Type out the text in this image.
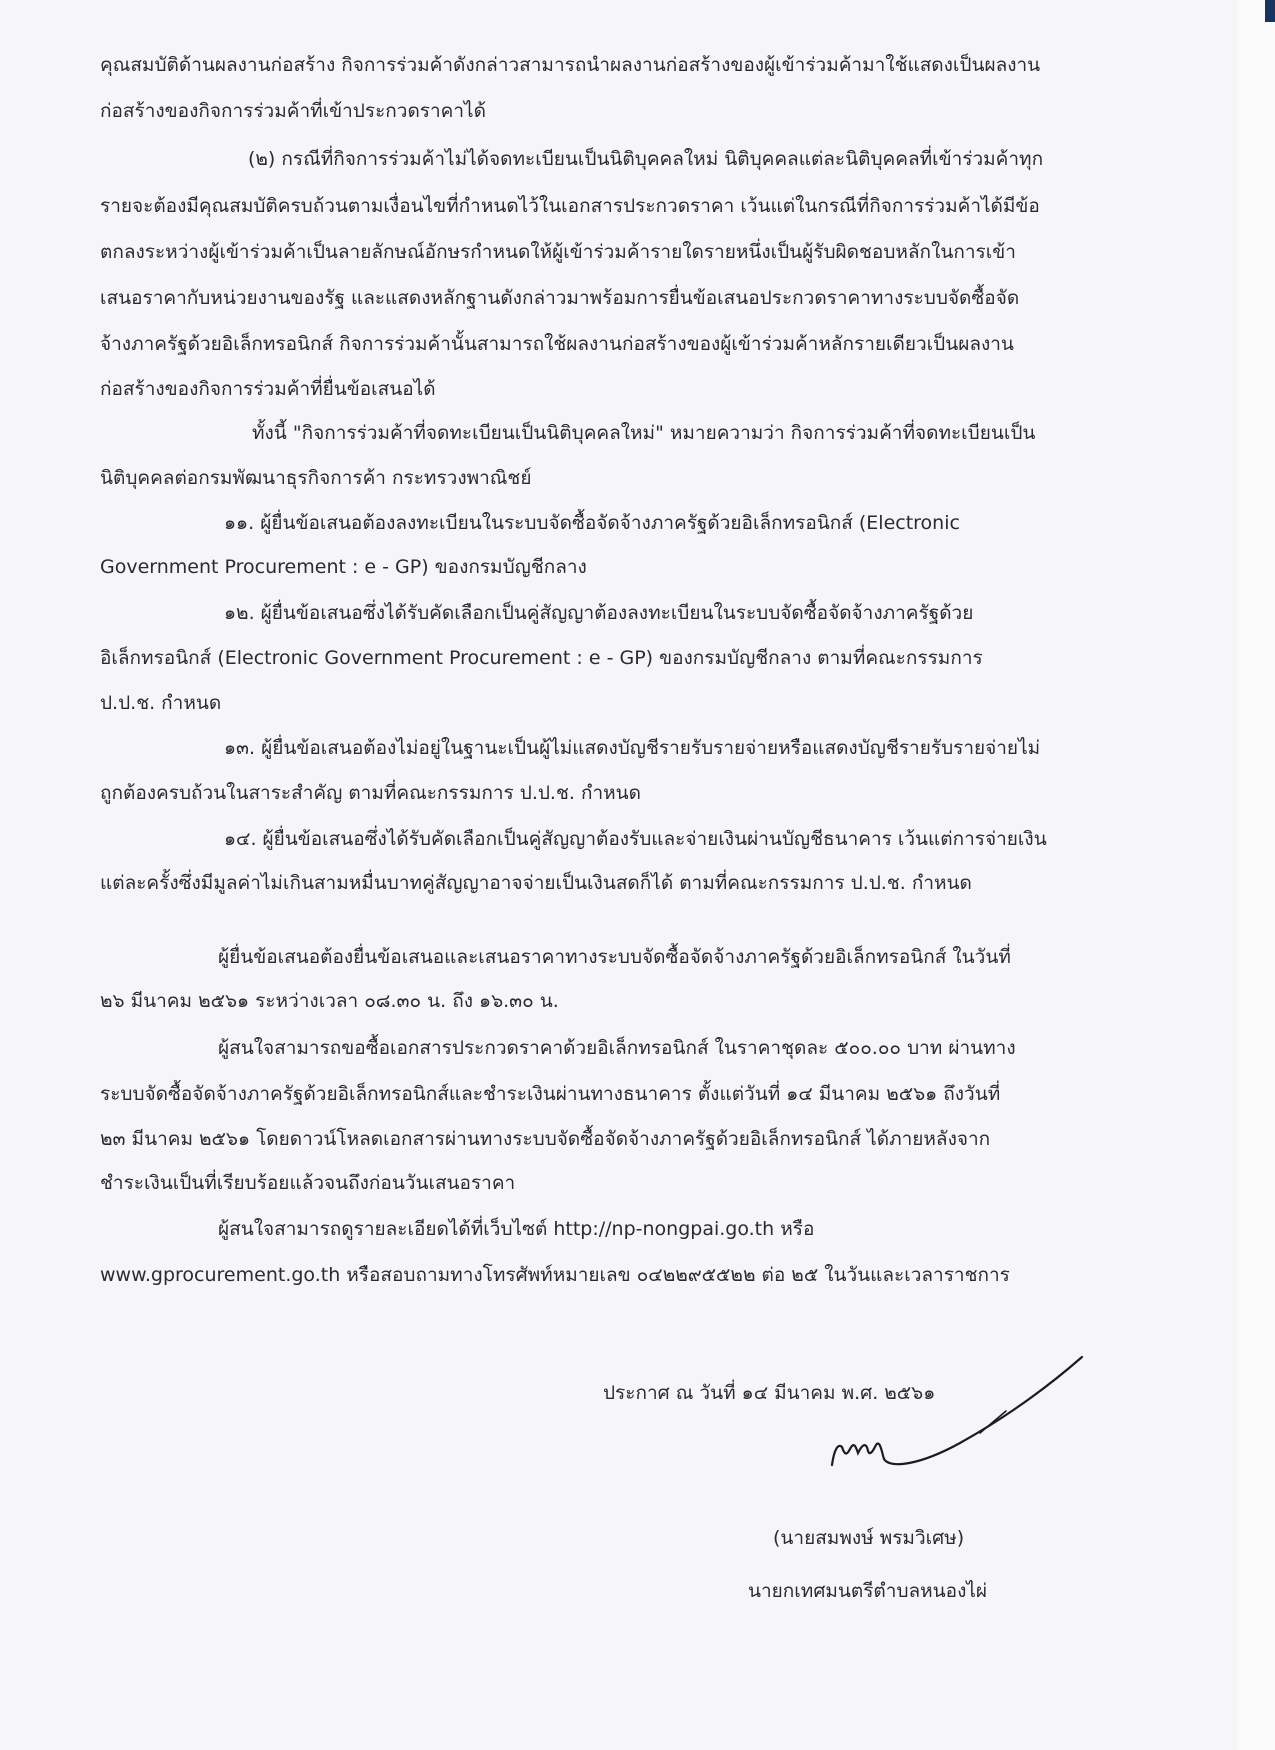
คุณสมบัติด้านผลงานก่อสร้าง กิจการร่วมค้าดังกล่าวสามารถนำผลงานก่อสร้างของผู้เข้าร่วมค้ามาใช้แสดงเป็นผลงาน

ก่อสร้างของกิจการร่วมค้าที่เข้าประกวดราคาได้

(๒) กรณีที่กิจการร่วมค้าไม่ได้จดทะเบียนเป็นนิติบุคคลใหม่ นิติบุคคลแต่ละนิติบุคคลที่เข้าร่วมค้าทุก

รายจะต้องมีคุณสมบัติครบถ้วนตามเงื่อนไขที่กำหนดไว้ในเอกสารประกวดราคา เว้นแต่ในกรณีที่กิจการร่วมค้าได้มีข้อ

ตกลงระหว่างผู้เข้าร่วมค้าเป็นลายลักษณ์อักษรกำหนดให้ผู้เข้าร่วมค้ารายใดรายหนึ่งเป็นผู้รับผิดชอบหลักในการเข้า

เสนอราคากับหน่วยงานของรัฐ และแสดงหลักฐานดังกล่าวมาพร้อมการยื่นข้อเสนอประกวดราคาทางระบบจัดซื้อจัด

จ้างภาครัฐด้วยอิเล็กทรอนิกส์ กิจการร่วมค้านั้นสามารถใช้ผลงานก่อสร้างของผู้เข้าร่วมค้าหลักรายเดียวเป็นผลงาน

ก่อสร้างของกิจการร่วมค้าที่ยื่นข้อเสนอได้

ทั้งนี้ "กิจการร่วมค้าที่จดทะเบียนเป็นนิติบุคคลใหม่" หมายความว่า กิจการร่วมค้าที่จดทะเบียนเป็น

นิติบุคคลต่อกรมพัฒนาธุรกิจการค้า กระทรวงพาณิชย์

๑๑. ผู้ยื่นข้อเสนอต้องลงทะเบียนในระบบจัดซื้อจัดจ้างภาครัฐด้วยอิเล็กทรอนิกส์ (Electronic

Government Procurement : e - GP) ของกรมบัญชีกลาง

๑๒. ผู้ยื่นข้อเสนอซึ่งได้รับคัดเลือกเป็นคู่สัญญาต้องลงทะเบียนในระบบจัดซื้อจัดจ้างภาครัฐด้วย

อิเล็กทรอนิกส์ (Electronic Government Procurement : e - GP) ของกรมบัญชีกลาง ตามที่คณะกรรมการ

ป.ป.ช. กำหนด

๑๓. ผู้ยื่นข้อเสนอต้องไม่อยู่ในฐานะเป็นผู้ไม่แสดงบัญชีรายรับรายจ่ายหรือแสดงบัญชีรายรับรายจ่ายไม่

ถูกต้องครบถ้วนในสาระสำคัญ ตามที่คณะกรรมการ ป.ป.ช. กำหนด

๑๔. ผู้ยื่นข้อเสนอซึ่งได้รับคัดเลือกเป็นคู่สัญญาต้องรับและจ่ายเงินผ่านบัญชีธนาคาร เว้นแต่การจ่ายเงิน

แต่ละครั้งซึ่งมีมูลค่าไม่เกินสามหมื่นบาทคู่สัญญาอาจจ่ายเป็นเงินสดก็ได้ ตามที่คณะกรรมการ ป.ป.ช. กำหนด

ผู้ยื่นข้อเสนอต้องยื่นข้อเสนอและเสนอราคาทางระบบจัดซื้อจัดจ้างภาครัฐด้วยอิเล็กทรอนิกส์ ในวันที่

๒๖ มีนาคม ๒๕๖๑ ระหว่างเวลา ๐๘.๓๐ น. ถึง ๑๖.๓๐ น.

ผู้สนใจสามารถขอซื้อเอกสารประกวดราคาด้วยอิเล็กทรอนิกส์ ในราคาชุดละ ๕๐๐.๐๐ บาท ผ่านทาง

ระบบจัดซื้อจัดจ้างภาครัฐด้วยอิเล็กทรอนิกส์และชำระเงินผ่านทางธนาคาร ตั้งแต่วันที่ ๑๔ มีนาคม ๒๕๖๑ ถึงวันที่

๒๓ มีนาคม ๒๕๖๑ โดยดาวน์โหลดเอกสารผ่านทางระบบจัดซื้อจัดจ้างภาครัฐด้วยอิเล็กทรอนิกส์ ได้ภายหลังจาก

ชำระเงินเป็นที่เรียบร้อยแล้วจนถึงก่อนวันเสนอราคา

ผู้สนใจสามารถดูรายละเอียดได้ที่เว็บไซต์ http://np-nongpai.go.th หรือ

www.gprocurement.go.th หรือสอบถามทางโทรศัพท์หมายเลข ๐๔๒๒๙๕๕๒๒ ต่อ ๒๕ ในวันและเวลาราชการ

ประกาศ ณ วันที่ ๑๔ มีนาคม พ.ศ. ๒๕๖๑

(นายสมพงษ์ พรมวิเศษ)

นายกเทศมนตรีตำบลหนองไผ่
